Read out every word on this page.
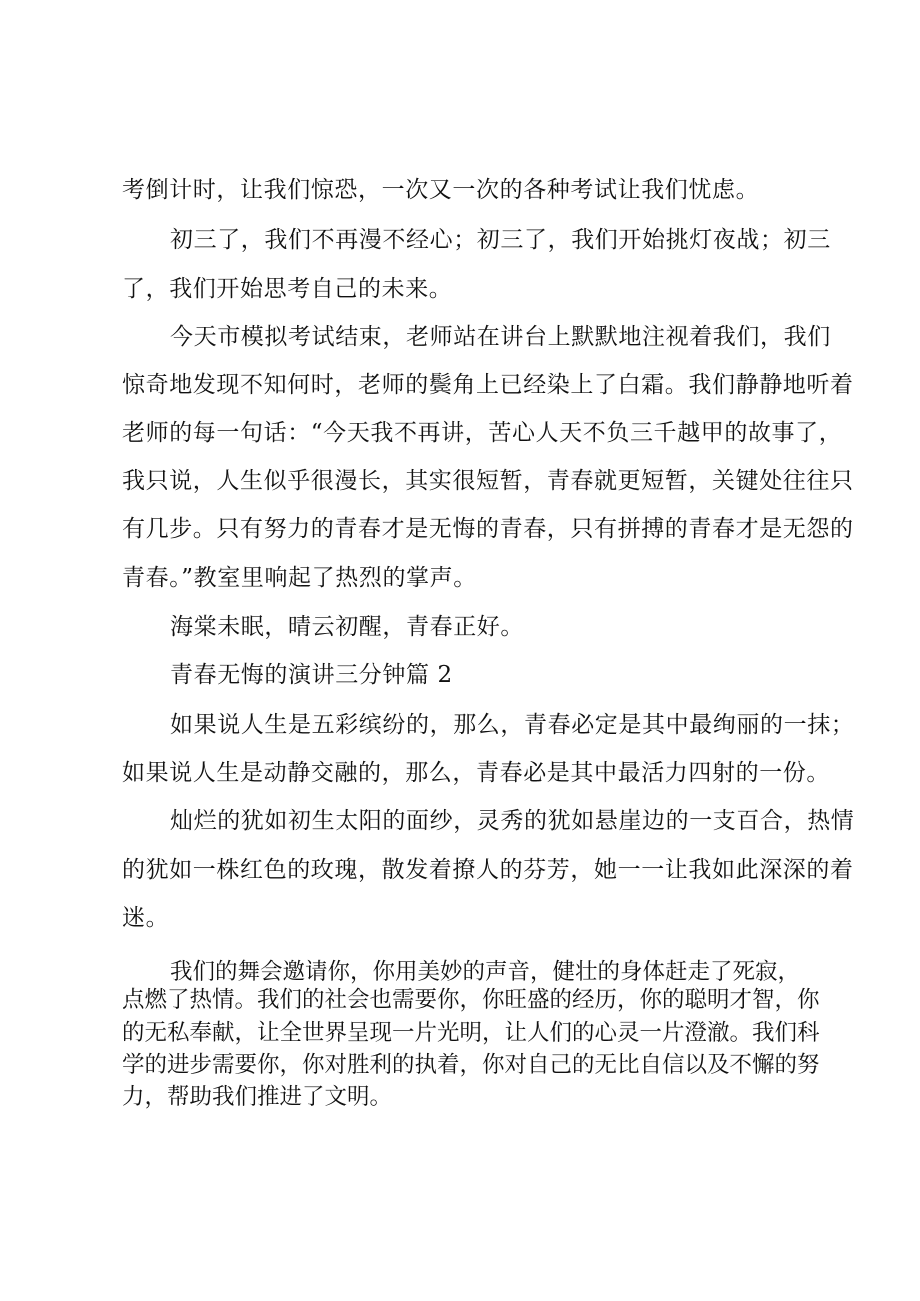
考倒计时，让我们惊恐，一次又一次的各种考试让我们忧虑。
初三了，我们不再漫不经心；初三了，我们开始挑灯夜战；初三
了，我们开始思考自己的未来。
今天市模拟考试结束，老师站在讲台上默默地注视着我们，我们
惊奇地发现不知何时，老师的鬓角上已经染上了白霜。我们静静地听着
老师的每一句话：“今天我不再讲，苦心人天不负三千越甲的故事了，
我只说，人生似乎很漫长，其实很短暂，青春就更短暂，关键处往往只
有几步。只有努力的青春才是无悔的青春，只有拼搏的青春才是无怨的
青春。”教室里响起了热烈的掌声。
海棠未眠，晴云初醒，青春正好。
青春无悔的演讲三分钟篇 2
如果说人生是五彩缤纷的，那么，青春必定是其中最绚丽的一抹；
如果说人生是动静交融的，那么，青春必是其中最活力四射的一份。
灿烂的犹如初生太阳的面纱，灵秀的犹如悬崖边的一支百合，热情
的犹如一株红色的玫瑰，散发着撩人的芬芳，她一一让我如此深深的着
迷。
我们的舞会邀请你，你用美妙的声音，健壮的身体赶走了死寂，
点燃了热情。我们的社会也需要你，你旺盛的经历，你的聪明才智，你
的无私奉献，让全世界呈现一片光明，让人们的心灵一片澄澈。我们科
学的进步需要你，你对胜利的执着，你对自己的无比自信以及不懈的努
力，帮助我们推进了文明。
